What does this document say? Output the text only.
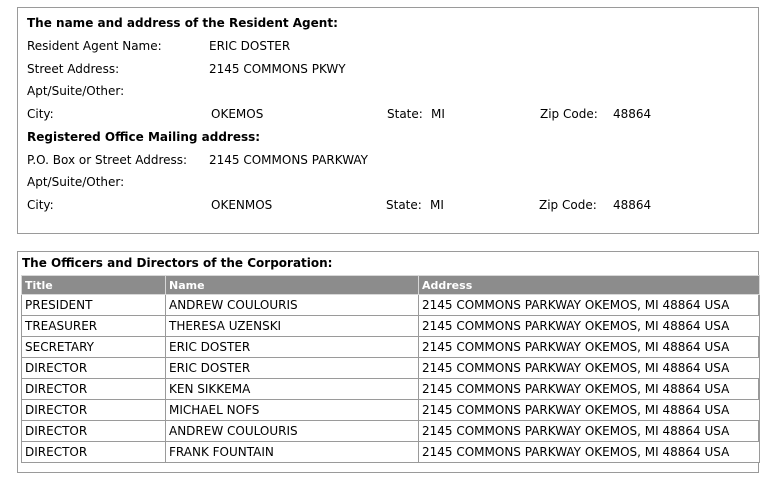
The name and address of the Resident Agent:
Resident Agent Name:	ERIC DOSTER
Street Address:	2145 COMMONS PKWY
Apt/Suite/Other:
City:	OKEMOS	State: MI	Zip Code: 48864
Registered Office Mailing address:
P.O. Box or Street Address: 2145 COMMONS PARKWAY
Apt/Suite/Other:
City:	OKENMOS	State: MI	Zip Code: 48864
The Officers and Directors of the Corporation:
Title	Name	Address
PRESIDENT	ANDREW COULOURIS	2145 COMMONS PARKWAY OKEMOS, MI 48864 USA
TREASURER	THERESA UZENSKI	2145 COMMONS PARKWAY OKEMOS, MI 48864 USA
SECRETARY	ERIC DOSTER	2145 COMMONS PARKWAY OKEMOS, MI 48864 USA
DIRECTOR	ERIC DOSTER	2145 COMMONS PARKWAY OKEMOS, MI 48864 USA
DIRECTOR	KEN SIKKEMA	2145 COMMONS PARKWAY OKEMOS, MI 48864 USA
DIRECTOR	MICHAEL NOFS	2145 COMMONS PARKWAY OKEMOS, MI 48864 USA
DIRECTOR	ANDREW COULOURIS	2145 COMMONS PARKWAY OKEMOS, MI 48864 USA
DIRECTOR	FRANK FOUNTAIN	2145 COMMONS PARKWAY OKEMOS, MI 48864 USA
